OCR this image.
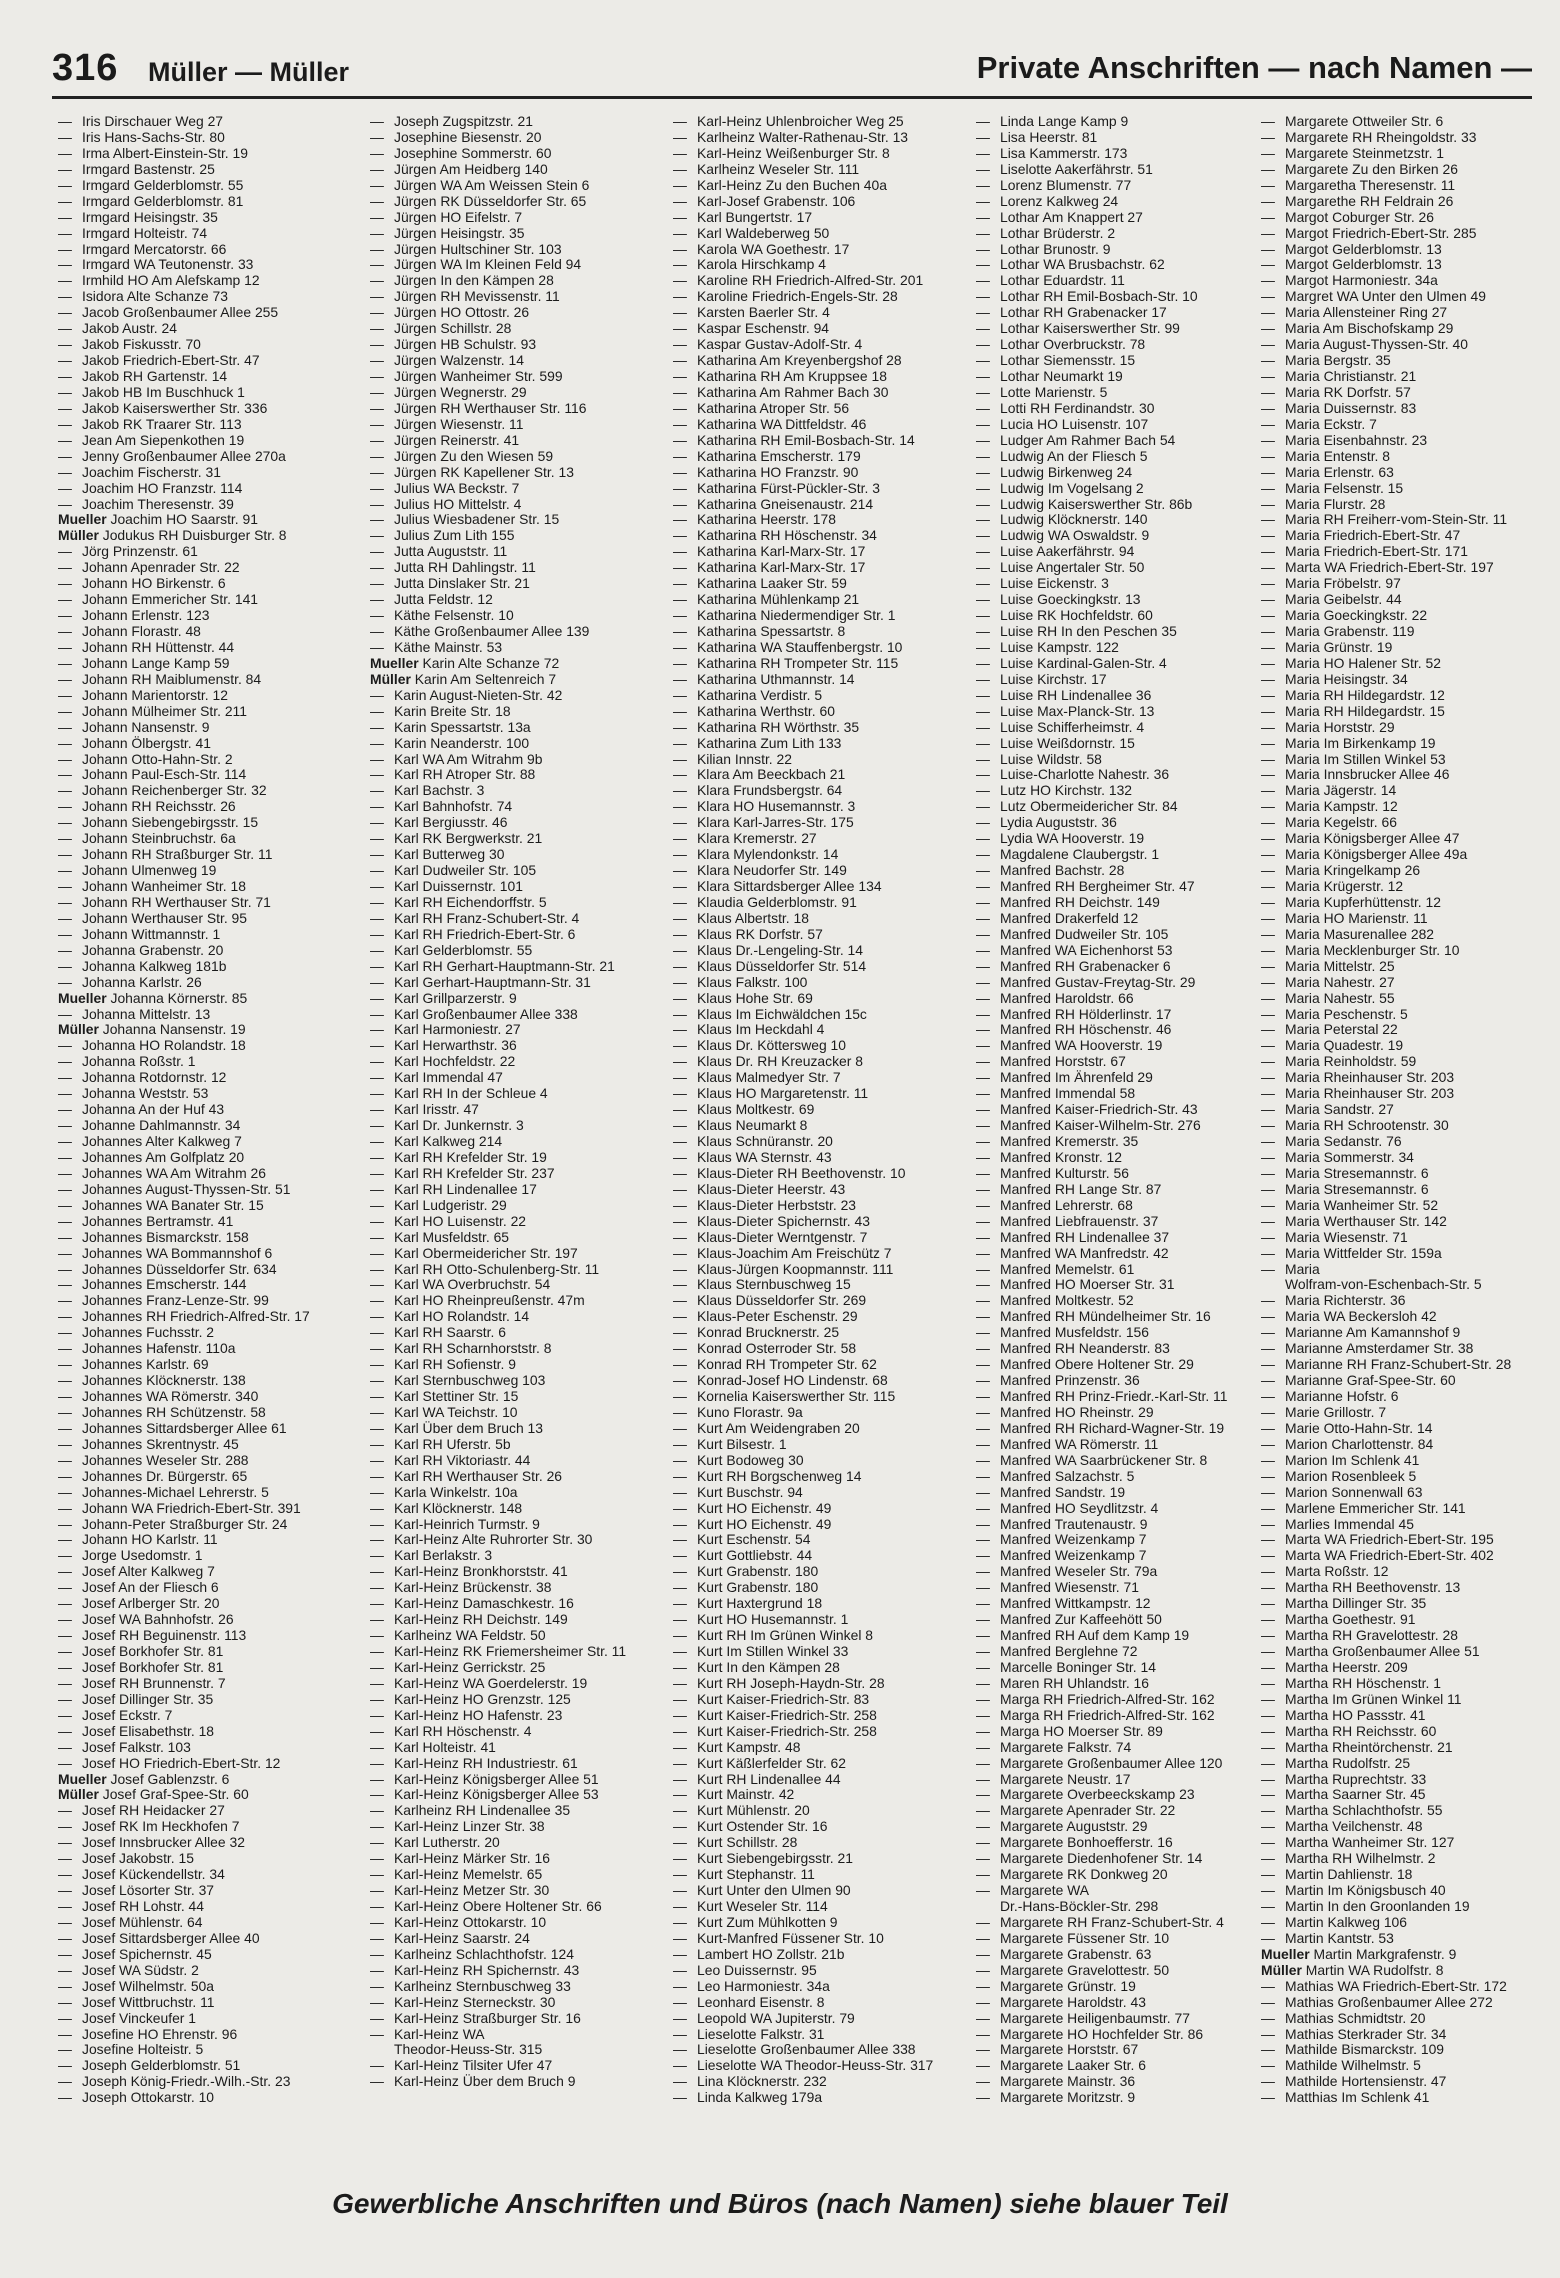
316 Müller — Müller	Private Anschriften — nach Namen —
— Iris Dirschauer Weg 27
— Iris Hans-Sachs-Str. 80
— Irma Albert-Einstein-Str. 19
— Irmgard Bastenstr. 25
— Irmgard Gelderblomstr. 55
— Irmgard Gelderblomstr. 81
— Irmgard Heisingstr. 35
— Irmgard Holteistr. 74
— Irmgard Mercatorstr. 66
— Irmgard WA Teutonenstr. 33
— Irmhild HO Am Alefskamp 12
— Isidora Alte Schanze 73
— Jacob Großenbaumer Allee 255
— Jakob Austr. 24
— Jakob Fiskusstr. 70
— Jakob Friedrich-Ebert-Str. 47
— Jakob RH Gartenstr. 14
— Jakob HB Im Buschhuck 1
— Jakob Kaiserswerther Str. 336
— Jakob RK Traarer Str. 113
— Jean Am Siepenkothen 19
— Jenny Großenbaumer Allee 270a
— Joachim Fischerstr. 31
— Joachim HO Franzstr. 114
— Joachim Theresenstr. 39
Mueller Joachim HO Saarstr. 91
Müller Jodukus RH Duisburger Str. 8
— Jörg Prinzenstr. 61
— Johann Apenrader Str. 22
— Johann HO Birkenstr. 6
— Johann Emmericher Str. 141
— Johann Erlenstr. 123
— Johann Florastr. 48
— Johann RH Hüttenstr. 44
— Johann Lange Kamp 59
— Johann RH Maiblumenstr. 84
— Johann Marientorstr. 12
— Johann Mülheimer Str. 211
— Johann Nansenstr. 9
— Johann Ölbergstr. 41
— Johann Otto-Hahn-Str. 2
— Johann Paul-Esch-Str. 114
— Johann Reichenberger Str. 32
— Johann RH Reichsstr. 26
— Johann Siebengebirgsstr. 15
— Johann Steinbruchstr. 6a
— Johann RH Straßburger Str. 11
— Johann Ulmenweg 19
— Johann Wanheimer Str. 18
— Johann RH Werthauser Str. 71
— Johann Werthauser Str. 95
— Johann Wittmannstr. 1
— Johanna Grabenstr. 20
— Johanna Kalkweg 181b
— Johanna Karlstr. 26
Mueller Johanna Körnerstr. 85
— Johanna Mittelstr. 13
Müller Johanna Nansenstr. 19
— Johanna HO Rolandstr. 18
— Johanna Roßstr. 1
— Johanna Rotdornstr. 12
— Johanna Weststr. 53
— Johanna An der Huf 43
— Johanne Dahlmannstr. 34
— Johannes Alter Kalkweg 7
— Johannes Am Golfplatz 20
— Johannes WA Am Witrahm 26
— Johannes August-Thyssen-Str. 51
— Johannes WA Banater Str. 15
— Johannes Bertramstr. 41
— Johannes Bismarckstr. 158
— Johannes WA Bommannshof 6
— Johannes Düsseldorfer Str. 634
— Johannes Emscherstr. 144
— Johannes Franz-Lenze-Str. 99
— Johannes RH Friedrich-Alfred-Str. 17
— Johannes Fuchsstr. 2
— Johannes Hafenstr. 110a
— Johannes Karlstr. 69
— Johannes Klöcknerstr. 138
— Johannes WA Römerstr. 340
— Johannes RH Schützenstr. 58
— Johannes Sittardsberger Allee 61
— Johannes Skrentnystr. 45
— Johannes Weseler Str. 288
— Johannes Dr. Bürgerstr. 65
— Johannes-Michael Lehrerstr. 5
— Johann WA Friedrich-Ebert-Str. 391
— Johann-Peter Straßburger Str. 24
— Johann HO Karlstr. 11
— Jorge Usedomstr. 1
— Josef Alter Kalkweg 7
— Josef An der Fliesch 6
— Josef Arlberger Str. 20
— Josef WA Bahnhofstr. 26
— Josef RH Beguinenstr. 113
— Josef Borkhofer Str. 81
— Josef Borkhofer Str. 81
— Josef RH Brunnenstr. 7
— Josef Dillinger Str. 35
— Josef Eckstr. 7
— Josef Elisabethstr. 18
— Josef Falkstr. 103
— Josef HO Friedrich-Ebert-Str. 12
Mueller Josef Gablenzstr. 6
Müller Josef Graf-Spee-Str. 60
— Josef RH Heidacker 27
— Josef RK Im Heckhofen 7
— Josef Innsbrucker Allee 32
— Josef Jakobstr. 15
— Josef Kückendellstr. 34
— Josef Lösorter Str. 37
— Josef RH Lohstr. 44
— Josef Mühlenstr. 64
— Josef Sittardsberger Allee 40
— Josef Spichernstr. 45
— Josef WA Südstr. 2
— Josef Wilhelmstr. 50a
— Josef Wittbruchstr. 11
— Josef Vinckeufer 1
— Josefine HO Ehrenstr. 96
— Josefine Holteistr. 5
— Joseph Gelderblomstr. 51
— Joseph König-Friedr.-Wilh.-Str. 23
— Joseph Ottokarstr. 10
— Joseph Zugspitzstr. 21
— Josephine Biesenstr. 20
— Josephine Sommerstr. 60
— Jürgen Am Heidberg 140
— Jürgen WA Am Weissen Stein 6
— Jürgen RK Düsseldorfer Str. 65
— Jürgen HO Eifelstr. 7
— Jürgen Heisingstr. 35
— Jürgen Hultschiner Str. 103
— Jürgen WA Im Kleinen Feld 94
— Jürgen In den Kämpen 28
— Jürgen RH Mevissenstr. 11
— Jürgen HO Ottostr. 26
— Jürgen Schillstr. 28
— Jürgen HB Schulstr. 93
— Jürgen Walzenstr. 14
— Jürgen Wanheimer Str. 599
— Jürgen Wegnerstr. 29
— Jürgen RH Werthauser Str. 116
— Jürgen Wiesenstr. 11
— Jürgen Reinerstr. 41
— Jürgen Zu den Wiesen 59
— Jürgen RK Kapellener Str. 13
— Julius WA Beckstr. 7
— Julius HO Mittelstr. 4
— Julius Wiesbadener Str. 15
— Julius Zum Lith 155
— Jutta Auguststr. 11
— Jutta RH Dahlingstr. 11
— Jutta Dinslaker Str. 21
— Jutta Feldstr. 12
— Käthe Felsenstr. 10
— Käthe Großenbaumer Allee 139
— Käthe Mainstr. 53
Mueller Karin Alte Schanze 72
Müller Karin Am Seltenreich 7
— Karin August-Nieten-Str. 42
— Karin Breite Str. 18
— Karin Spessartstr. 13a
— Karin Neanderstr. 100
— Karl WA Am Witrahm 9b
— Karl RH Atroper Str. 88
— Karl Bachstr. 3
— Karl Bahnhofstr. 74
— Karl Bergiusstr. 46
— Karl RK Bergwerkstr. 21
— Karl Butterweg 30
— Karl Dudweiler Str. 105
— Karl Duissernstr. 101
— Karl RH Eichendorffstr. 5
— Karl RH Franz-Schubert-Str. 4
— Karl RH Friedrich-Ebert-Str. 6
— Karl Gelderblomstr. 55
— Karl RH Gerhart-Hauptmann-Str. 21
— Karl Gerhart-Hauptmann-Str. 31
— Karl Grillparzerstr. 9
— Karl Großenbaumer Allee 338
— Karl Harmoniestr. 27
— Karl Herwarthstr. 36
— Karl Hochfeldstr. 22
— Karl Immendal 47
— Karl RH In der Schleue 4
— Karl Irisstr. 47
— Karl Dr. Junkernstr. 3
— Karl Kalkweg 214
— Karl RH Krefelder Str. 19
— Karl RH Krefelder Str. 237
— Karl RH Lindenallee 17
— Karl Ludgeristr. 29
— Karl HO Luisenstr. 22
— Karl Musfeldstr. 65
— Karl Obermeidericher Str. 197
— Karl RH Otto-Schulenberg-Str. 11
— Karl WA Overbruchstr. 54
— Karl HO Rheinpreußenstr. 47m
— Karl HO Rolandstr. 14
— Karl RH Saarstr. 6
— Karl RH Scharnhorststr. 8
— Karl RH Sofienstr. 9
— Karl Sternbuschweg 103
— Karl Stettiner Str. 15
— Karl WA Teichstr. 10
— Karl Über dem Bruch 13
— Karl RH Uferstr. 5b
— Karl RH Viktoriastr. 44
— Karl RH Werthauser Str. 26
— Karla Winkelstr. 10a
— Karl Klöcknerstr. 148
— Karl-Heinrich Turmstr. 9
— Karl-Heinz Alte Ruhrorter Str. 30
— Karl Berlakstr. 3
— Karl-Heinz Bronkhorststr. 41
— Karl-Heinz Brückenstr. 38
— Karl-Heinz Damaschkestr. 16
— Karl-Heinz RH Deichstr. 149
— Karlheinz WA Feldstr. 50
— Karl-Heinz RK Friemersheimer Str. 11
— Karl-Heinz Gerrickstr. 25
— Karl-Heinz WA Goerdelerstr. 19
— Karl-Heinz HO Grenzstr. 125
— Karl-Heinz HO Hafenstr. 23
— Karl RH Höschenstr. 4
— Karl Holteistr. 41
— Karl-Heinz RH Industriestr. 61
— Karl-Heinz Königsberger Allee 51
— Karl-Heinz Königsberger Allee 53
— Karlheinz RH Lindenallee 35
— Karl-Heinz Linzer Str. 38
— Karl Lutherstr. 20
— Karl-Heinz Märker Str. 16
— Karl-Heinz Memelstr. 65
— Karl-Heinz Metzer Str. 30
— Karl-Heinz Obere Holtener Str. 66
— Karl-Heinz Ottokarstr. 10
— Karl-Heinz Saarstr. 24
— Karlheinz Schlachthofstr. 124
— Karl-Heinz RH Spichernstr. 43
— Karlheinz Sternbuschweg 33
— Karl-Heinz Sterneckstr. 30
— Karl-Heinz Straßburger Str. 16
— Karl-Heinz WA
Theodor-Heuss-Str. 315
— Karl-Heinz Tilsiter Ufer 47
— Karl-Heinz Über dem Bruch 9
— Karl-Heinz Uhlenbroicher Weg 25
— Karlheinz Walter-Rathenau-Str. 13
— Karl-Heinz Weißenburger Str. 8
— Karlheinz Weseler Str. 111
— Karl-Heinz Zu den Buchen 40a
— Karl-Josef Grabenstr. 106
— Karl Bungertstr. 17
— Karl Waldeberweg 50
— Karola WA Goethestr. 17
— Karola Hirschkamp 4
— Karoline RH Friedrich-Alfred-Str. 201
— Karoline Friedrich-Engels-Str. 28
— Karsten Baerler Str. 4
— Kaspar Eschenstr. 94
— Kaspar Gustav-Adolf-Str. 4
— Katharina Am Kreyenbergshof 28
— Katharina RH Am Kruppsee 18
— Katharina Am Rahmer Bach 30
— Katharina Atroper Str. 56
— Katharina WA Dittfeldstr. 46
— Katharina RH Emil-Bosbach-Str. 14
— Katharina Emscherstr. 179
— Katharina HO Franzstr. 90
— Katharina Fürst-Pückler-Str. 3
— Katharina Gneisenaustr. 214
— Katharina Heerstr. 178
— Katharina RH Höschenstr. 34
— Katharina Karl-Marx-Str. 17
— Katharina Karl-Marx-Str. 17
— Katharina Laaker Str. 59
— Katharina Mühlenkamp 21
— Katharina Niedermendiger Str. 1
— Katharina Spessartstr. 8
— Katharina WA Stauffenbergstr. 10
— Katharina RH Trompeter Str. 115
— Katharina Uthmannstr. 14
— Katharina Verdistr. 5
— Katharina Werthstr. 60
— Katharina RH Wörthstr. 35
— Katharina Zum Lith 133
— Kilian Innstr. 22
— Klara Am Beeckbach 21
— Klara Frundsbergstr. 64
— Klara HO Husemannstr. 3
— Klara Karl-Jarres-Str. 175
— Klara Kremerstr. 27
— Klara Mylendonkstr. 14
— Klara Neudorfer Str. 149
— Klara Sittardsberger Allee 134
— Klaudia Gelderblomstr. 91
— Klaus Albertstr. 18
— Klaus RK Dorfstr. 57
— Klaus Dr.-Lengeling-Str. 14
— Klaus Düsseldorfer Str. 514
— Klaus Falkstr. 100
— Klaus Hohe Str. 69
— Klaus Im Eichwäldchen 15c
— Klaus Im Heckdahl 4
— Klaus Dr. Köttersweg 10
— Klaus Dr. RH Kreuzacker 8
— Klaus Malmedyer Str. 7
— Klaus HO Margaretenstr. 11
— Klaus Moltkestr. 69
— Klaus Neumarkt 8
— Klaus Schnüranstr. 20
— Klaus WA Sternstr. 43
— Klaus-Dieter RH Beethovenstr. 10
— Klaus-Dieter Heerstr. 43
— Klaus-Dieter Herbststr. 23
— Klaus-Dieter Spichernstr. 43
— Klaus-Dieter Werntgenstr. 7
— Klaus-Joachim Am Freischütz 7
— Klaus-Jürgen Koopmannstr. 111
— Klaus Sternbuschweg 15
— Klaus Düsseldorfer Str. 269
— Klaus-Peter Eschenstr. 29
— Konrad Brucknerstr. 25
— Konrad Osterroder Str. 58
— Konrad RH Trompeter Str. 62
— Konrad-Josef HO Lindenstr. 68
— Kornelia Kaiserswerther Str. 115
— Kuno Florastr. 9a
— Kurt Am Weidengraben 20
— Kurt Bilsestr. 1
— Kurt Bodoweg 30
— Kurt RH Borgschenweg 14
— Kurt Buschstr. 94
— Kurt HO Eichenstr. 49
— Kurt HO Eichenstr. 49
— Kurt Eschenstr. 54
— Kurt Gottliebstr. 44
— Kurt Grabenstr. 180
— Kurt Grabenstr. 180
— Kurt Haxtergrund 18
— Kurt HO Husemannstr. 1
— Kurt RH Im Grünen Winkel 8
— Kurt Im Stillen Winkel 33
— Kurt In den Kämpen 28
— Kurt RH Joseph-Haydn-Str. 28
— Kurt Kaiser-Friedrich-Str. 83
— Kurt Kaiser-Friedrich-Str. 258
— Kurt Kaiser-Friedrich-Str. 258
— Kurt Kampstr. 48
— Kurt Käßlerfelder Str. 62
— Kurt RH Lindenallee 44
— Kurt Mainstr. 42
— Kurt Mühlenstr. 20
— Kurt Ostender Str. 16
— Kurt Schillstr. 28
— Kurt Siebengebirgsstr. 21
— Kurt Stephanstr. 11
— Kurt Unter den Ulmen 90
— Kurt Weseler Str. 114
— Kurt Zum Mühlkotten 9
— Kurt-Manfred Füssener Str. 10
— Lambert HO Zollstr. 21b
— Leo Duissernstr. 95
— Leo Harmoniestr. 34a
— Leonhard Eisenstr. 8
— Leopold WA Jupiterstr. 79
— Lieselotte Falkstr. 31
— Lieselotte Großenbaumer Allee 338
— Lieselotte WA Theodor-Heuss-Str. 317
— Lina Klöcknerstr. 232
— Linda Kalkweg 179a
— Linda Lange Kamp 9
— Lisa Heerstr. 81
— Lisa Kammerstr. 173
— Liselotte Aakerfährstr. 51
— Lorenz Blumenstr. 77
— Lorenz Kalkweg 24
— Lothar Am Knappert 27
— Lothar Brüderstr. 2
— Lothar Brunostr. 9
— Lothar WA Brusbachstr. 62
— Lothar Eduardstr. 11
— Lothar RH Emil-Bosbach-Str. 10
— Lothar RH Grabenacker 17
— Lothar Kaiserswerther Str. 99
— Lothar Overbruckstr. 78
— Lothar Siemensstr. 15
— Lothar Neumarkt 19
— Lotte Marienstr. 5
— Lotti RH Ferdinandstr. 30
— Lucia HO Luisenstr. 107
— Ludger Am Rahmer Bach 54
— Ludwig An der Fliesch 5
— Ludwig Birkenweg 24
— Ludwig Im Vogelsang 2
— Ludwig Kaiserswerther Str. 86b
— Ludwig Klöcknerstr. 140
— Ludwig WA Oswaldstr. 9
— Luise Aakerfährstr. 94
— Luise Angertaler Str. 50
— Luise Eickenstr. 3
— Luise Goeckingkstr. 13
— Luise RK Hochfeldstr. 60
— Luise RH In den Peschen 35
— Luise Kampstr. 122
— Luise Kardinal-Galen-Str. 4
— Luise Kirchstr. 17
— Luise RH Lindenallee 36
— Luise Max-Planck-Str. 13
— Luise Schifferheimstr. 4
— Luise Weißdornstr. 15
— Luise Wildstr. 58
— Luise-Charlotte Nahestr. 36
— Lutz HO Kirchstr. 132
— Lutz Obermeidericher Str. 84
— Lydia Auguststr. 36
— Lydia WA Hooverstr. 19
— Magdalene Claubergstr. 1
— Manfred Bachstr. 28
— Manfred RH Bergheimer Str. 47
— Manfred RH Deichstr. 149
— Manfred Drakerfeld 12
— Manfred Dudweiler Str. 105
— Manfred WA Eichenhorst 53
— Manfred RH Grabenacker 6
— Manfred Gustav-Freytag-Str. 29
— Manfred Haroldstr. 66
— Manfred RH Hölderlinstr. 17
— Manfred RH Höschenstr. 46
— Manfred WA Hooverstr. 19
— Manfred Horststr. 67
— Manfred Im Ährenfeld 29
— Manfred Immendal 58
— Manfred Kaiser-Friedrich-Str. 43
— Manfred Kaiser-Wilhelm-Str. 276
— Manfred Kremerstr. 35
— Manfred Kronstr. 12
— Manfred Kulturstr. 56
— Manfred RH Lange Str. 87
— Manfred Lehrerstr. 68
— Manfred Liebfrauenstr. 37
— Manfred RH Lindenallee 37
— Manfred WA Manfredstr. 42
— Manfred Memelstr. 61
— Manfred HO Moerser Str. 31
— Manfred Moltkestr. 52
— Manfred RH Mündelheimer Str. 16
— Manfred Musfeldstr. 156
— Manfred RH Neanderstr. 83
— Manfred Obere Holtener Str. 29
— Manfred Prinzenstr. 36
— Manfred RH Prinz-Friedr.-Karl-Str. 11
— Manfred HO Rheinstr. 29
— Manfred RH Richard-Wagner-Str. 19
— Manfred WA Römerstr. 11
— Manfred WA Saarbrückener Str. 8
— Manfred Salzachstr. 5
— Manfred Sandstr. 19
— Manfred HO Seydlitzstr. 4
— Manfred Trautenaustr. 9
— Manfred Weizenkamp 7
— Manfred Weizenkamp 7
— Manfred Weseler Str. 79a
— Manfred Wiesenstr. 71
— Manfred Wittkampstr. 12
— Manfred Zur Kaffeehött 50
— Manfred RH Auf dem Kamp 19
— Manfred Berglehne 72
— Marcelle Boninger Str. 14
— Maren RH Uhlandstr. 16
— Marga RH Friedrich-Alfred-Str. 162
— Marga RH Friedrich-Alfred-Str. 162
— Marga HO Moerser Str. 89
— Margarete Falkstr. 74
— Margarete Großenbaumer Allee 120
— Margarete Neustr. 17
— Margarete Overbeeckskamp 23
— Margarete Apenrader Str. 22
— Margarete Auguststr. 29
— Margarete Bonhoefferstr. 16
— Margarete Diedenhofener Str. 14
— Margarete RK Donkweg 20
— Margarete WA
Dr.-Hans-Böckler-Str. 298
— Margarete RH Franz-Schubert-Str. 4
— Margarete Füssener Str. 10
— Margarete Grabenstr. 63
— Margarete Gravelottestr. 50
— Margarete Grünstr. 19
— Margarete Haroldstr. 43
— Margarete Heiligenbaumstr. 77
— Margarete HO Hochfelder Str. 86
— Margarete Horststr. 67
— Margarete Laaker Str. 6
— Margarete Mainstr. 36
— Margarete Moritzstr. 9
— Margarete Ottweiler Str. 6
— Margarete RH Rheingoldstr. 33
— Margarete Steinmetzstr. 1
— Margarete Zu den Birken 26
— Margaretha Theresenstr. 11
— Margarethe RH Feldrain 26
— Margot Coburger Str. 26
— Margot Friedrich-Ebert-Str. 285
— Margot Gelderblomstr. 13
— Margot Gelderblomstr. 13
— Margot Harmoniestr. 34a
— Margret WA Unter den Ulmen 49
— Maria Allensteiner Ring 27
— Maria Am Bischofskamp 29
— Maria August-Thyssen-Str. 40
— Maria Bergstr. 35
— Maria Christianstr. 21
— Maria RK Dorfstr. 57
— Maria Duissernstr. 83
— Maria Eckstr. 7
— Maria Eisenbahnstr. 23
— Maria Entenstr. 8
— Maria Erlenstr. 63
— Maria Felsenstr. 15
— Maria Flurstr. 28
— Maria RH Freiherr-vom-Stein-Str. 11
— Maria Friedrich-Ebert-Str. 47
— Maria Friedrich-Ebert-Str. 171
— Marta WA Friedrich-Ebert-Str. 197
— Maria Fröbelstr. 97
— Maria Geibelstr. 44
— Maria Goeckingkstr. 22
— Maria Grabenstr. 119
— Maria Grünstr. 19
— Maria HO Halener Str. 52
— Maria Heisingstr. 34
— Maria RH Hildegardstr. 12
— Maria RH Hildegardstr. 15
— Maria Horststr. 29
— Maria Im Birkenkamp 19
— Maria Im Stillen Winkel 53
— Maria Innsbrucker Allee 46
— Maria Jägerstr. 14
— Maria Kampstr. 12
— Maria Kegelstr. 66
— Maria Königsberger Allee 47
— Maria Königsberger Allee 49a
— Maria Kringelkamp 26
— Maria Krügerstr. 12
— Maria Kupferhüttenstr. 12
— Maria HO Marienstr. 11
— Maria Masurenallee 282
— Maria Mecklenburger Str. 10
— Maria Mittelstr. 25
— Maria Nahestr. 27
— Maria Nahestr. 55
— Maria Peschenstr. 5
— Maria Peterstal 22
— Maria Quadestr. 19
— Maria Reinholdstr. 59
— Maria Rheinhauser Str. 203
— Maria Rheinhauser Str. 203
— Maria Sandstr. 27
— Maria RH Schrootenstr. 30
— Maria Sedanstr. 76
— Maria Sommerstr. 34
— Maria Stresemannstr. 6
— Maria Stresemannstr. 6
— Maria Wanheimer Str. 52
— Maria Werthauser Str. 142
— Maria Wiesenstr. 71
— Maria Wittfelder Str. 159a
— Maria
Wolfram-von-Eschenbach-Str. 5
— Maria Richterstr. 36
— Maria WA Beckersloh 42
— Marianne Am Kamannshof 9
— Marianne Amsterdamer Str. 38
— Marianne RH Franz-Schubert-Str. 28
— Marianne Graf-Spee-Str. 60
— Marianne Hofstr. 6
— Marie Grillostr. 7
— Marie Otto-Hahn-Str. 14
— Marion Charlottenstr. 84
— Marion Im Schlenk 41
— Marion Rosenbleek 5
— Marion Sonnenwall 63
— Marlene Emmericher Str. 141
— Marlies Immendal 45
— Marta WA Friedrich-Ebert-Str. 195
— Marta WA Friedrich-Ebert-Str. 402
— Marta Roßstr. 12
— Martha RH Beethovenstr. 13
— Martha Dillinger Str. 35
— Martha Goethestr. 91
— Martha RH Gravelottestr. 28
— Martha Großenbaumer Allee 51
— Martha Heerstr. 209
— Martha RH Höschenstr. 1
— Martha Im Grünen Winkel 11
— Martha HO Passstr. 41
— Martha RH Reichsstr. 60
— Martha Rheintörchenstr. 21
— Martha Rudolfstr. 25
— Martha Ruprechtstr. 33
— Martha Saarner Str. 45
— Martha Schlachthofstr. 55
— Martha Veilchenstr. 48
— Martha Wanheimer Str. 127
— Martha RH Wilhelmstr. 2
— Martin Dahlienstr. 18
— Martin Im Königsbusch 40
— Martin In den Groonlanden 19
— Martin Kalkweg 106
— Martin Kantstr. 53
Mueller Martin Markgrafenstr. 9
Müller Martin WA Rudolfstr. 8
— Mathias WA Friedrich-Ebert-Str. 172
— Mathias Großenbaumer Allee 272
— Mathias Schmidtstr. 20
— Mathias Sterkrader Str. 34
— Mathilde Bismarckstr. 109
— Mathilde Wilhelmstr. 5
— Mathilde Hortensienstr. 47
— Matthias Im Schlenk 41
Gewerbliche Anschriften und Büros (nach Namen) siehe blauer Teil
